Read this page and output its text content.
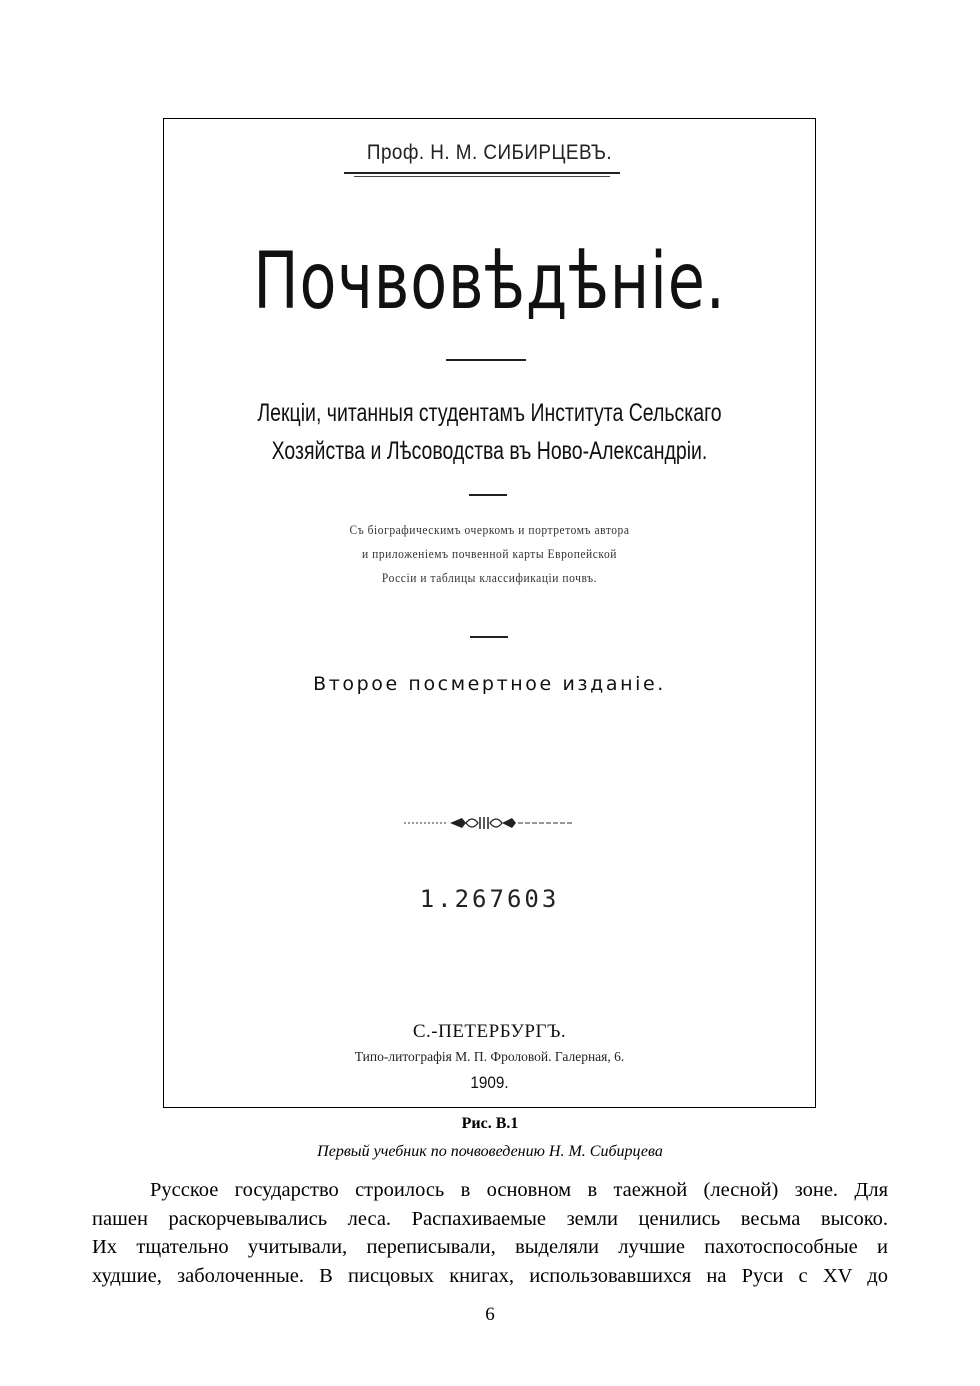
Проф. Н. М. СИБИРЦЕВЪ.
Почвовѣдѣніе.
Лекціи, читанныя студентамъ Института Сельскаго
Хозяйства и Лѣсоводства въ Ново-Александріи.
Съ біографическимъ очеркомъ и портретомъ автора
и приложеніемъ почвенной карты Европейской
Россіи и таблицы классификаціи почвъ.
Второе посмертное изданіе.
1.267603
С.-ПЕТЕРБУРГЪ.
Типо-литографія М. П. Фроловой. Галерная, 6.
1909.
Рис. В.1
Первый учебник по почвоведению Н. М. Сибирцева
Русское государство строилось в основном в таежной (лесной) зоне. Для
пашен раскорчевывались леса. Распахиваемые земли ценились весьма высоко.
Их тщательно учитывали, переписывали, выделяли лучшие пахотоспособные и
худшие, заболоченные. В писцовых книгах, использовавшихся на Руси с XV до
6
